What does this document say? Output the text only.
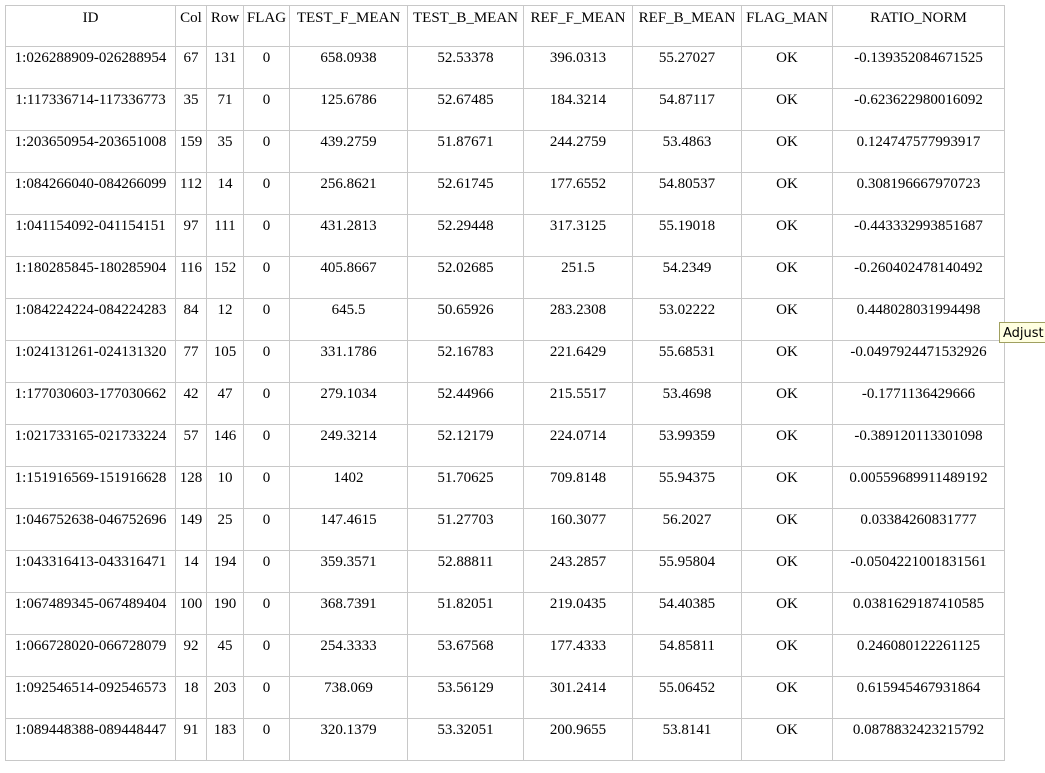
ID	Col	Row	FLAG	TEST_F_MEAN	TEST_B_MEAN	REF_F_MEAN	REF_B_MEAN	FLAG_MAN	RATIO_NORM
1:026288909-026288954	67	131	0	658.0938	52.53378	396.0313	55.27027	OK	-0.139352084671525
1:117336714-117336773	35	71	0	125.6786	52.67485	184.3214	54.87117	OK	-0.623622980016092
1:203650954-203651008	159	35	0	439.2759	51.87671	244.2759	53.4863	OK	0.124747577993917
1:084266040-084266099	112	14	0	256.8621	52.61745	177.6552	54.80537	OK	0.308196667970723
1:041154092-041154151	97	111	0	431.2813	52.29448	317.3125	55.19018	OK	-0.443332993851687
1:180285845-180285904	116	152	0	405.8667	52.02685	251.5	54.2349	OK	-0.260402478140492
1:084224224-084224283	84	12	0	645.5	50.65926	283.2308	53.02222	OK	0.448028031994498
1:024131261-024131320	77	105	0	331.1786	52.16783	221.6429	55.68531	OK	-0.0497924471532926
1:177030603-177030662	42	47	0	279.1034	52.44966	215.5517	53.4698	OK	-0.1771136429666
1:021733165-021733224	57	146	0	249.3214	52.12179	224.0714	53.99359	OK	-0.389120113301098
1:151916569-151916628	128	10	0	1402	51.70625	709.8148	55.94375	OK	0.00559689911489192
1:046752638-046752696	149	25	0	147.4615	51.27703	160.3077	56.2027	OK	0.03384260831777
1:043316413-043316471	14	194	0	359.3571	52.88811	243.2857	55.95804	OK	-0.0504221001831561
1:067489345-067489404	100	190	0	368.7391	51.82051	219.0435	54.40385	OK	0.0381629187410585
1:066728020-066728079	92	45	0	254.3333	53.67568	177.4333	54.85811	OK	0.246080122261125
1:092546514-092546573	18	203	0	738.069	53.56129	301.2414	55.06452	OK	0.615945467931864
1:089448388-089448447	91	183	0	320.1379	53.32051	200.9655	53.8141	OK	0.0878832423215792
Adjust
